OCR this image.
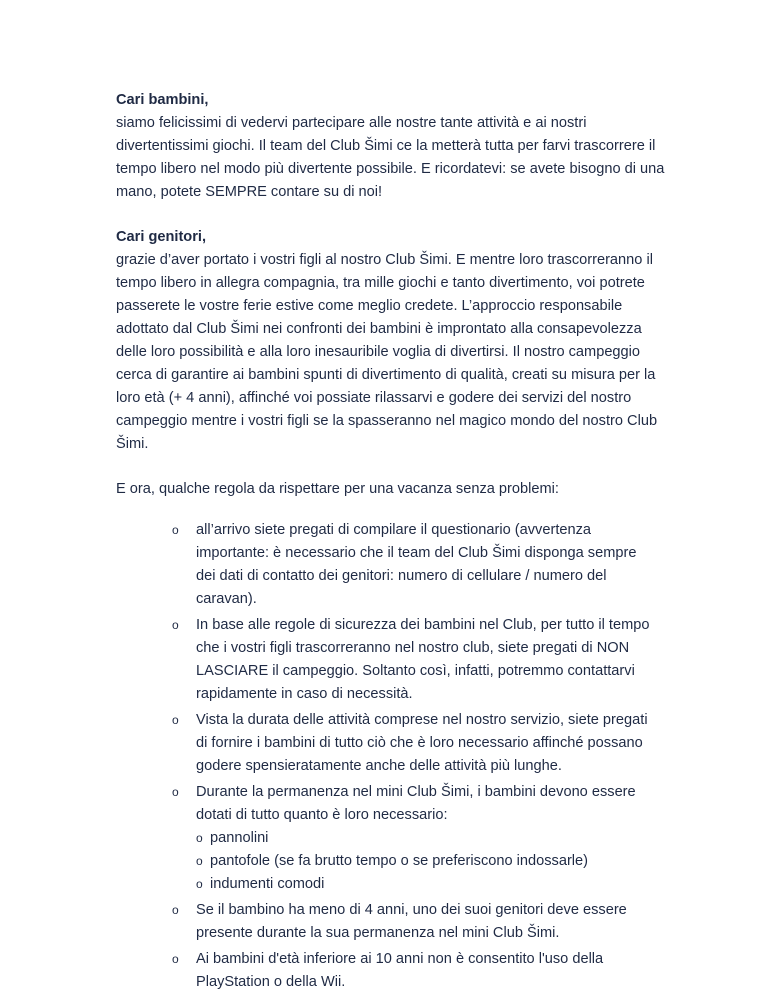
Cari bambini,

siamo felicissimi di vedervi partecipare alle nostre tante attività e ai nostri divertentissimi giochi. Il team del Club Šimi ce la metterà tutta per farvi trascorrere il tempo libero nel modo più divertente possibile. E ricordatevi: se avete bisogno di una mano, potete SEMPRE contare su di noi!

Cari genitori,

grazie d’aver portato i vostri figli al nostro Club Šimi. E mentre loro trascorreranno il tempo libero in allegra compagnia, tra mille giochi e tanto divertimento, voi potrete passerete le vostre ferie estive come meglio credete. L’approccio responsabile adottato dal Club Šimi nei confronti dei bambini è improntato alla consapevolezza delle loro possibilità e alla loro inesauribile voglia di divertirsi. Il nostro campeggio cerca di garantire ai bambini spunti di divertimento di qualità, creati su misura per la loro età (+ 4 anni), affinché voi possiate rilassarvi e godere dei servizi del nostro campeggio mentre i vostri figli se la spasseranno nel magico mondo del nostro Club Šimi.

E ora, qualche regola da rispettare per una vacanza senza problemi:

o all’arrivo siete pregati di compilare il questionario (avvertenza importante: è necessario che il team del Club Šimi disponga sempre dei dati di contatto dei genitori: numero di cellulare / numero del caravan).
o In base alle regole di sicurezza dei bambini nel Club, per tutto il tempo che i vostri figli trascorreranno nel nostro club, siete pregati di NON LASCIARE il campeggio. Soltanto così, infatti, potremmo contattarvi rapidamente in caso di necessità.
o Vista la durata delle attività comprese nel nostro servizio, siete pregati di fornire i bambini di tutto ciò che è loro necessario affinché possano godere spensieratamente anche delle attività più lunghe.
o Durante la permanenza nel mini Club Šimi, i bambini devono essere dotati di tutto quanto è loro necessario:
o pannolini
o pantofole (se fa brutto tempo o se preferiscono indossarle)
o indumenti comodi
o Se il bambino ha meno di 4 anni, uno dei suoi genitori deve essere presente durante la sua permanenza nel mini Club Šimi.
o Ai bambini d'età inferiore ai 10 anni non è consentito l'uso della PlayStation o della Wii.
